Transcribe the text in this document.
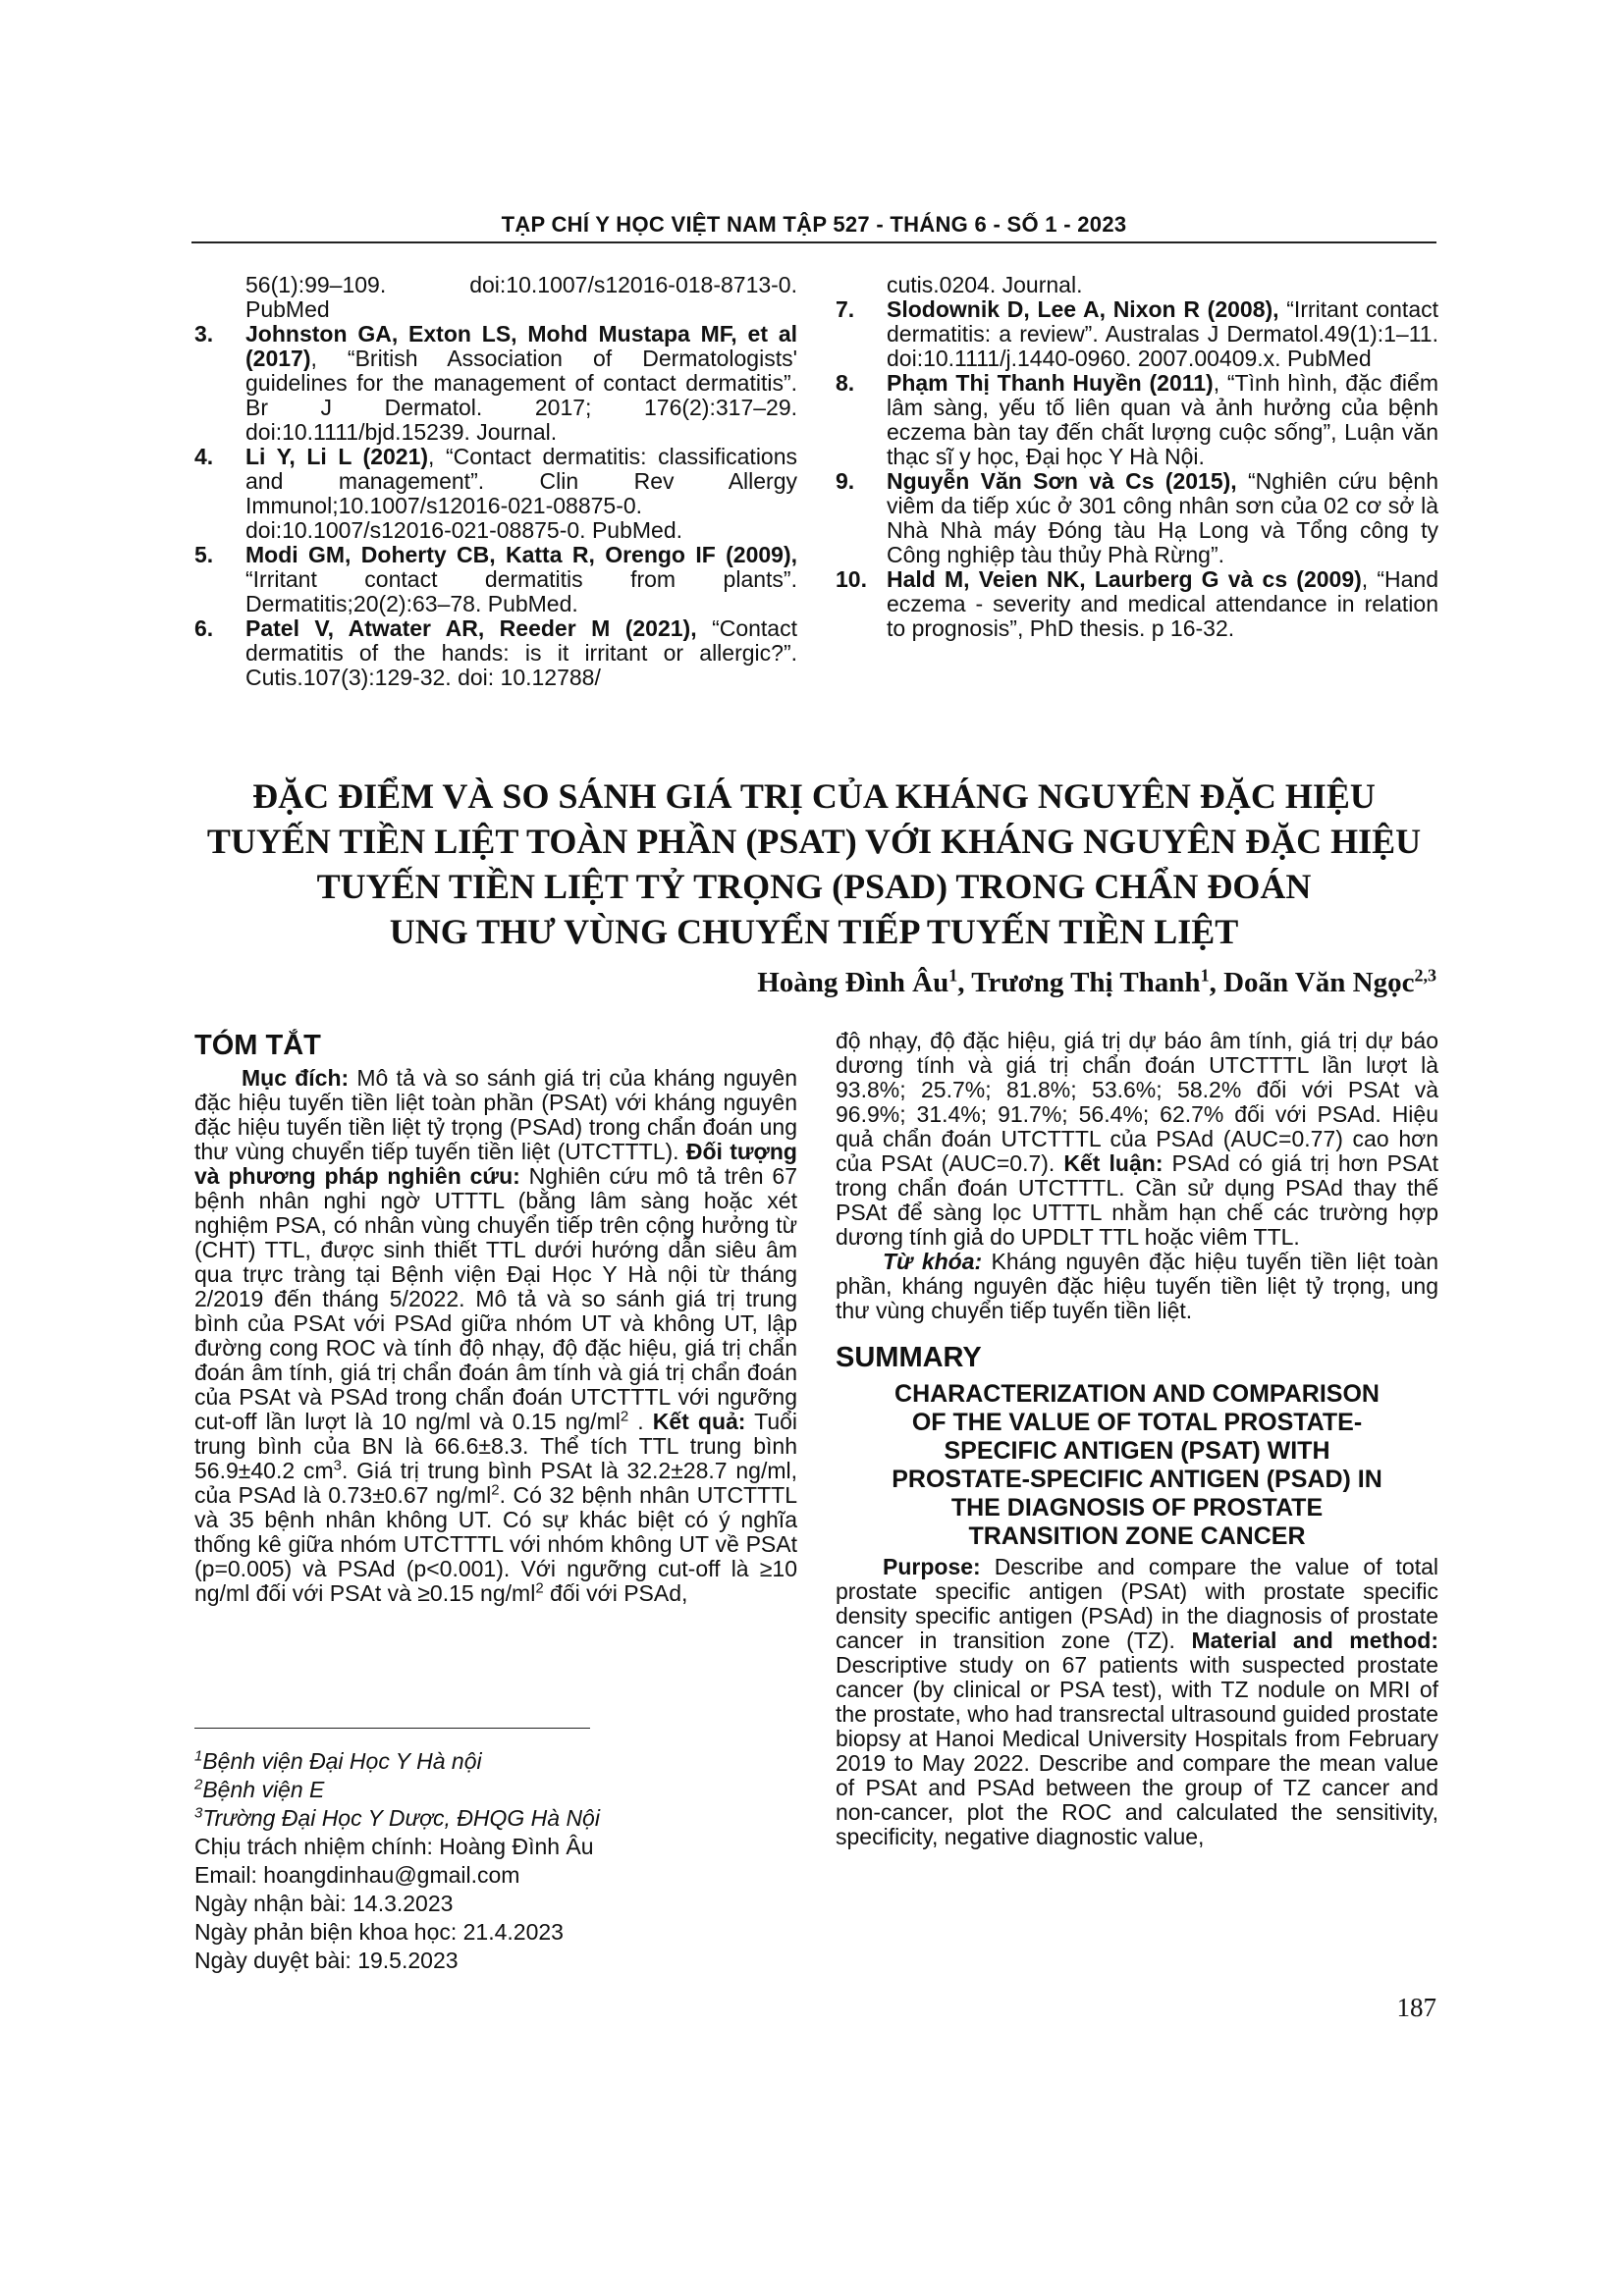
TẠP CHÍ Y HỌC VIỆT NAM TẬP 527 - THÁNG 6 - SỐ 1 - 2023

56(1):99–109. doi:10.1007/s12016-018-8713-0. PubMed

3.	Johnston GA, Exton LS, Mohd Mustapa MF, et al (2017), “British Association of Dermatologists' guidelines for the management of contact dermatitis”. Br J Dermatol. 2017; 176(2):317–29. doi:10.1111/bjd.15239. Journal.

4.	Li Y, Li L (2021), “Contact dermatitis: classifications and management”. Clin Rev Allergy Immunol;10.1007/s12016-021-08875-0. doi:10.1007/s12016-021-08875-0. PubMed.

5.	Modi GM, Doherty CB, Katta R, Orengo IF (2009), “Irritant contact dermatitis from plants”. Dermatitis;20(2):63–78. PubMed.

6.	Patel V, Atwater AR, Reeder M (2021), “Contact dermatitis of the hands: is it irritant or allergic?”. Cutis.107(3):129-32. doi: 10.12788/

cutis.0204. Journal.

7.	Slodownik D, Lee A, Nixon R (2008), “Irritant contact dermatitis: a review”. Australas J Dermatol.49(1):1–11. doi:10.1111/j.1440-0960. 2007.00409.x. PubMed

8.	Phạm Thị Thanh Huyền (2011), “Tình hình, đặc điểm lâm sàng, yếu tố liên quan và ảnh hưởng của bệnh eczema bàn tay đến chất lượng cuộc sống”, Luận văn thạc sĩ y học, Đại học Y Hà Nội.

9.	Nguyễn Văn Sơn và Cs (2015), “Nghiên cứu bệnh viêm da tiếp xúc ở 301 công nhân sơn của 02 cơ sở là Nhà Nhà máy Đóng tàu Hạ Long và Tổng công ty Công nghiệp tàu thủy Phà Rừng”.

10. Hald M, Veien NK, Laurberg G và cs (2009), “Hand eczema - severity and medical attendance in relation to prognosis”, PhD thesis. p 16-32.

ĐẶC ĐIỂM VÀ SO SÁNH GIÁ TRỊ CỦA KHÁNG NGUYÊN ĐẶC HIỆU
TUYẾN TIỀN LIỆT TOÀN PHẦN (PSAT) VỚI KHÁNG NGUYÊN ĐẶC HIỆU
TUYẾN TIỀN LIỆT TỶ TRỌNG (PSAD) TRONG CHẨN ĐOÁN
UNG THƯ VÙNG CHUYỂN TIẾP TUYẾN TIỀN LIỆT
Hoàng Đình $Âu^1$, Trương Thị Thanh$^1$, Doãn Văn Ngọc$^{2,3}$
TÓM TẮT

Mục đích: Mô tả và so sánh giá trị của kháng nguyên đặc hiệu tuyến tiền liệt toàn phần (PSAt) với kháng nguyên đặc hiệu tuyến tiền liệt tỷ trọng (PSAd) trong chẩn đoán ung thư vùng chuyển tiếp tuyến tiền liệt (UTCTTTL). Đối tượng và phương pháp nghiên cứu: Nghiên cứu mô tả trên 67 bệnh nhân nghi ngờ UTTTL (bằng lâm sàng hoặc xét nghiệm PSA, có nhân vùng chuyển tiếp trên cộng hưởng từ (CHT) TTL, được sinh thiết TTL dưới hướng dẫn siêu âm qua trực tràng tại Bệnh viện Đại Học Y Hà nội từ tháng 2/2019 đến tháng 5/2022. Mô tả và so sánh giá trị trung bình của PSAt với PSAd giữa nhóm UT và không UT, lập đường cong ROC và tính độ nhạy, độ đặc hiệu, giá trị chẩn đoán âm tính, giá trị chẩn đoán âm tính và giá trị chẩn đoán của PSAt và PSAd trong chẩn đoán UTCTTTL với ngưỡng cut-off lần lượt là 10 ng/ml và 0.15 $ng/ml^2$ . Kết quả: Tuổi trung bình của BN là 66.6±8.3. Thể tích TTL trung bình 56.9±40.2 $cm^3$. Giá trị trung bình PSAt là 32.2±28.7 ng/ml, của PSAd là 0.73±0.67 $ng/ml^2$. Có 32 bệnh nhân UTCTTTL và 35 bệnh nhân không UT. Có sự khác biệt có ý nghĩa thống kê giữa nhóm UTCTTTL với nhóm không UT về PSAt (p=0.005) và PSAd (p<0.001). Với ngưỡng cut-off là ≥10 ng/ml đối với PSAt và ≥0.15 $ng/ml^2$ đối với PSAd,

$^1$Bệnh viện Đại Học Y Hà nội
$^2$Bệnh viện E
$^3$Trường Đại Học Y Dược, ĐHQG Hà Nội
Chịu trách nhiệm chính: Hoàng Đình Âu
Email: hoangdinhau@gmail.com
Ngày nhận bài: 14.3.2023
Ngày phản biện khoa học: 21.4.2023
Ngày duyệt bài: 19.5.2023

độ nhạy, độ đặc hiệu, giá trị dự báo âm tính, giá trị dự báo dương tính và giá trị chẩn đoán UTCTTTL lần lượt là 93.8%; 25.7%; 81.8%; 53.6%; 58.2% đối với PSAt và 96.9%; 31.4%; 91.7%; 56.4%; 62.7% đối với PSAd. Hiệu quả chẩn đoán UTCTTTL của PSAd (AUC=0.77) cao hơn của PSAt (AUC=0.7). Kết luận: PSAd có giá trị hơn PSAt trong chẩn đoán UTCTTTL. Cần sử dụng PSAd thay thế PSAt để sàng lọc UTTTL nhằm hạn chế các trường hợp dương tính giả do UPDLT TTL hoặc viêm TTL.

Từ khóa: Kháng nguyên đặc hiệu tuyến tiền liệt toàn phần, kháng nguyên đặc hiệu tuyến tiền liệt tỷ trọng, ung thư vùng chuyển tiếp tuyến tiền liệt.

SUMMARY
CHARACTERIZATION AND COMPARISON
OF THE VALUE OF TOTAL PROSTATE-
SPECIFIC ANTIGEN (PSAT) WITH
PROSTATE-SPECIFIC ANTIGEN (PSAD) IN
THE DIAGNOSIS OF PROSTATE
TRANSITION ZONE CANCER

Purpose: Describe and compare the value of total prostate specific antigen (PSAt) with prostate specific density specific antigen (PSAd) in the diagnosis of prostate cancer in transition zone (TZ). Material and method: Descriptive study on 67 patients with suspected prostate cancer (by clinical or PSA test), with TZ nodule on MRI of the prostate, who had transrectal ultrasound guided prostate biopsy at Hanoi Medical University Hospitals from February 2019 to May 2022. Describe and compare the mean value of PSAt and PSAd between the group of TZ cancer and non-cancer, plot the ROC and calculated the sensitivity, specificity, negative diagnostic value,

187
